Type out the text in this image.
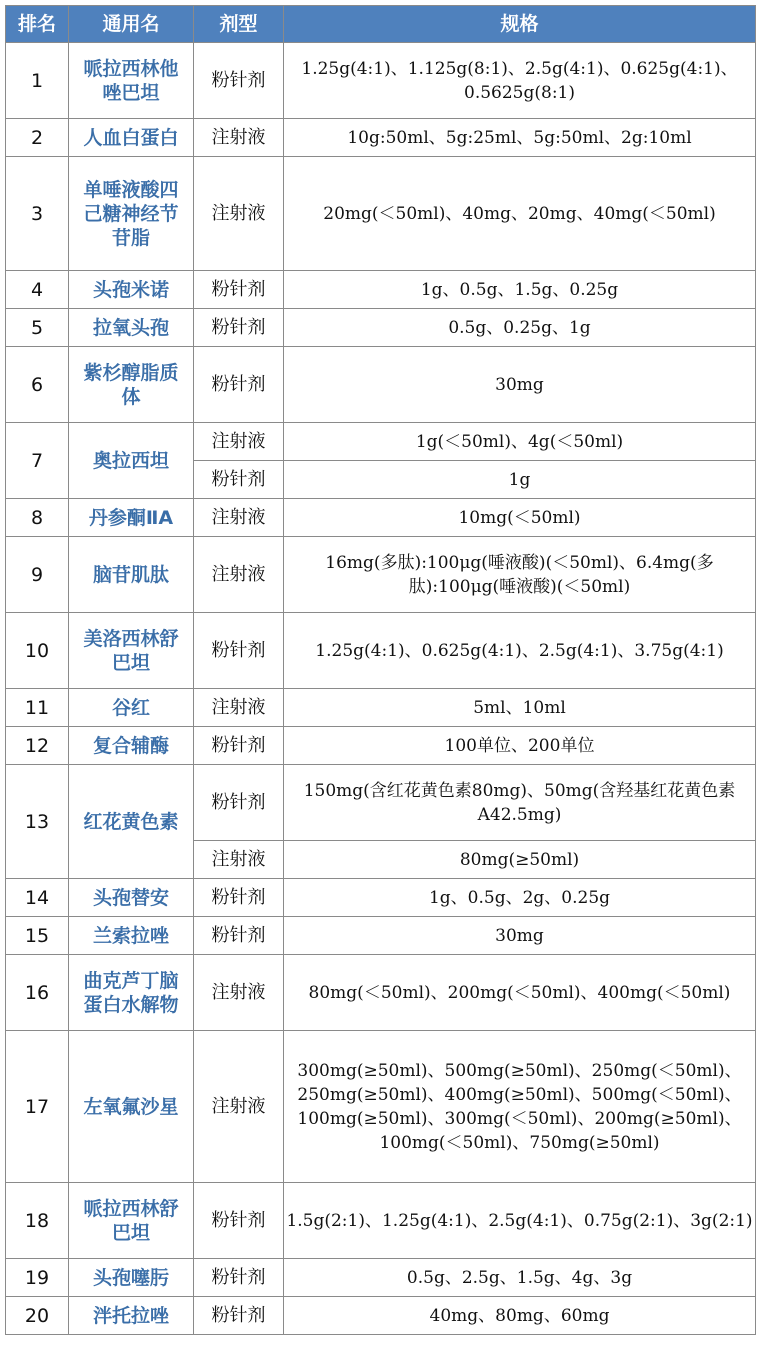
排名	通用名	剂型	规格
1	哌拉西林他唑巴坦	粉针剂	1.25g(4:1)、1.125g(8:1)、2.5g(4:1)、0.625g(4:1)、0.5625g(8:1)
2	人血白蛋白	注射液	10g:50ml、5g:25ml、5g:50ml、2g:10ml
3	单唾液酸四己糖神经节苷脂	注射液	20mg(＜50ml)、40mg、20mg、40mg(＜50ml)
4	头孢米诺	粉针剂	1g、0.5g、1.5g、0.25g
5	拉氧头孢	粉针剂	0.5g、0.25g、1g
6	紫杉醇脂质体	粉针剂	30mg
7	奥拉西坦	注射液	1g(＜50ml)、4g(＜50ml)
		粉针剂	1g
8	丹参酮ⅡA	注射液	10mg(＜50ml)
9	脑苷肌肽	注射液	16mg(多肽):100μg(唾液酸)(＜50ml)、6.4mg(多肽):100μg(唾液酸)(＜50ml)
10	美洛西林舒巴坦	粉针剂	1.25g(4:1)、0.625g(4:1)、2.5g(4:1)、3.75g(4:1)
11	谷红	注射液	5ml、10ml
12	复合辅酶	粉针剂	100单位、200单位
13	红花黄色素	粉针剂	150mg(含红花黄色素80mg)、50mg(含羟基红花黄色素A42.5mg)
		注射液	80mg(≥50ml)
14	头孢替安	粉针剂	1g、0.5g、2g、0.25g
15	兰索拉唑	粉针剂	30mg
16	曲克芦丁脑蛋白水解物	注射液	80mg(＜50ml)、200mg(＜50ml)、400mg(＜50ml)
17	左氧氟沙星	注射液	300mg(≥50ml)、500mg(≥50ml)、250mg(＜50ml)、250mg(≥50ml)、400mg(≥50ml)、500mg(＜50ml)、100mg(≥50ml)、300mg(＜50ml)、200mg(≥50ml)、100mg(＜50ml)、750mg(≥50ml)
18	哌拉西林舒巴坦	粉针剂	1.5g(2:1)、1.25g(4:1)、2.5g(4:1)、0.75g(2:1)、3g(2:1)
19	头孢噻肟	粉针剂	0.5g、2.5g、1.5g、4g、3g
20	泮托拉唑	粉针剂	40mg、80mg、60mg
